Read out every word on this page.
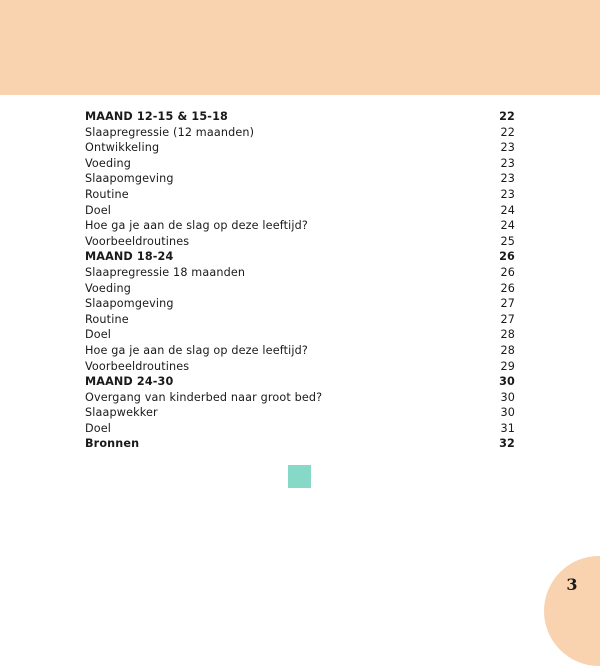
MAAND 12-15 & 15-18	22
Slaapregressie (12 maanden)	22
Ontwikkeling	23
Voeding	23
Slaapomgeving	23
Routine	23
Doel	24
Hoe ga je aan de slag op deze leeftijd?	24
Voorbeeldroutines	25
MAAND 18-24	26
Slaapregressie 18 maanden	26
Voeding	26
Slaapomgeving	27
Routine	27
Doel	28
Hoe ga je aan de slag op deze leeftijd?	28
Voorbeeldroutines	29
MAAND 24-30	30
Overgang van kinderbed naar groot bed?	30
Slaapwekker	30
Doel	31
Bronnen	32
3
